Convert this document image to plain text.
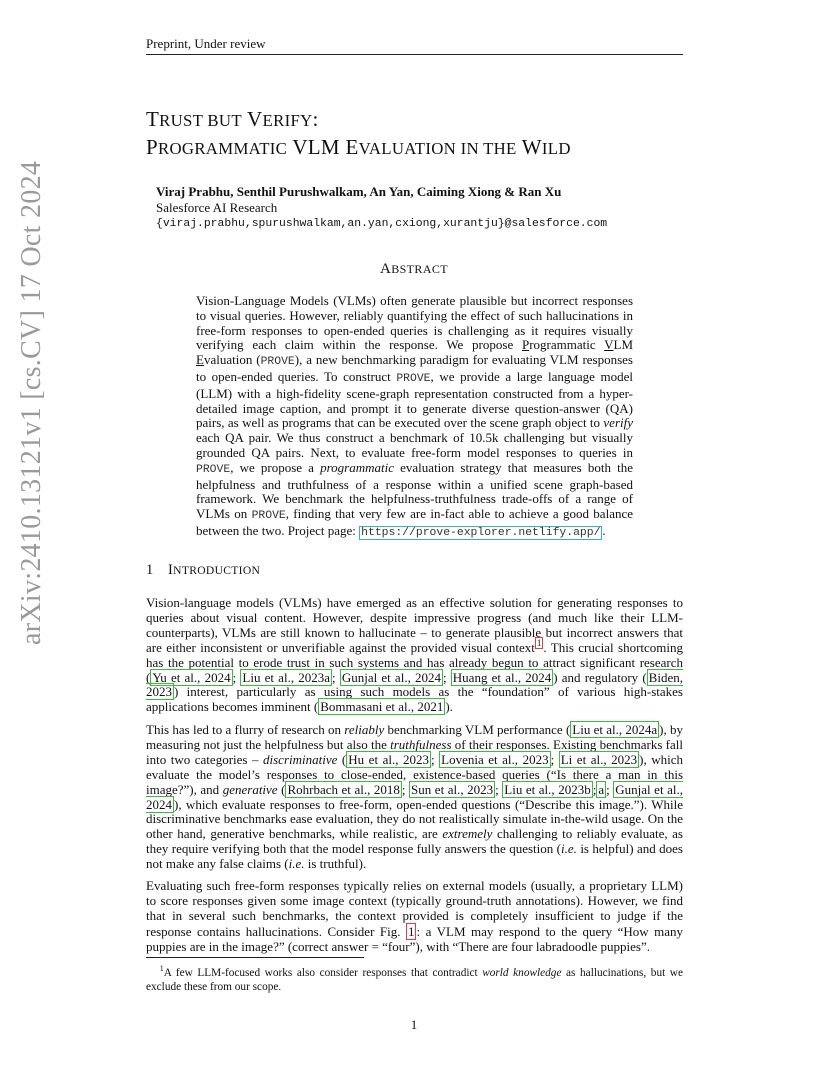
Preprint, Under review
arXiv:2410.13121v1 [cs.CV] 17 Oct 2024
TRUST BUT VERIFY:
PROGRAMMATIC VLM EVALUATION IN THE WILD
Viraj Prabhu, Senthil Purushwalkam, An Yan, Caiming Xiong & Ran Xu
Salesforce AI Research
{viraj.prabhu,spurushwalkam,an.yan,cxiong,xurantju}@salesforce.com
ABSTRACT
Vision-Language Models (VLMs) often generate plausible but incorrect responses to visual queries. However, reliably quantifying the effect of such hallucinations in free-form responses to open-ended queries is challenging as it requires visually verifying each claim within the response. We propose Programmatic VLM Evaluation (PROVE), a new benchmarking paradigm for evaluating VLM responses to open-ended queries. To construct PROVE, we provide a large language model (LLM) with a high-fidelity scene-graph representation constructed from a hyper-detailed image caption, and prompt it to generate diverse question-answer (QA) pairs, as well as programs that can be executed over the scene graph object to verify each QA pair. We thus construct a benchmark of 10.5k challenging but visually grounded QA pairs. Next, to evaluate free-form model responses to queries in PROVE, we propose a programmatic evaluation strategy that measures both the helpfulness and truthfulness of a response within a unified scene graph-based framework. We benchmark the helpfulness-truthfulness trade-offs of a range of VLMs on PROVE, finding that very few are in-fact able to achieve a good balance between the two. Project page: https://prove-explorer.netlify.app/ .
1 INTRODUCTION
Vision-language models (VLMs) have emerged as an effective solution for generating responses to queries about visual content. However, despite impressive progress (and much like their LLM-counterparts), VLMs are still known to hallucinate – to generate plausible but incorrect answers that are either inconsistent or unverifiable against the provided visual context $^1$ . This crucial shortcoming has the potential to erode trust in such systems and has already begun to attract significant research ( Yu et al., 2024 ; Liu et al., 2023a ; Gunjal et al., 2024 ; Huang et al., 2024 ) and regulatory ( Biden, 2023 ) interest, particularly as using such models as the “foundation” of various high-stakes applications becomes imminent ( Bommasani et al., 2021 ).
This has led to a flurry of research on reliably benchmarking VLM performance ( Liu et al., 2024a ), by measuring not just the helpfulness but also the truthfulness of their responses. Existing benchmarks fall into two categories – discriminative ( Hu et al., 2023 ; Lovenia et al., 2023 ; Li et al., 2023 ), which evaluate the model’s responses to close-ended, existence-based queries (“Is there a man in this image?”), and generative ( Rohrbach et al., 2018 ; Sun et al., 2023 ; Liu et al., 2023b ; a ; Gunjal et al., 2024 ), which evaluate responses to free-form, open-ended questions (“Describe this image.”). While discriminative benchmarks ease evaluation, they do not realistically simulate in-the-wild usage. On the other hand, generative benchmarks, while realistic, are extremely challenging to reliably evaluate, as they require verifying both that the model response fully answers the question (i.e. is helpful) and does not make any false claims (i.e. is truthful).
Evaluating such free-form responses typically relies on external models (usually, a proprietary LLM) to score responses given some image context (typically ground-truth annotations). However, we find that in several such benchmarks, the context provided is completely insufficient to judge if the response contains hallucinations. Consider Fig. 1 : a VLM may respond to the query “How many puppies are in the image?” (correct answer = “four”), with “There are four labradoodle puppies”.
$^1$A few LLM-focused works also consider responses that contradict world knowledge as hallucinations, but we exclude these from our scope.
1
